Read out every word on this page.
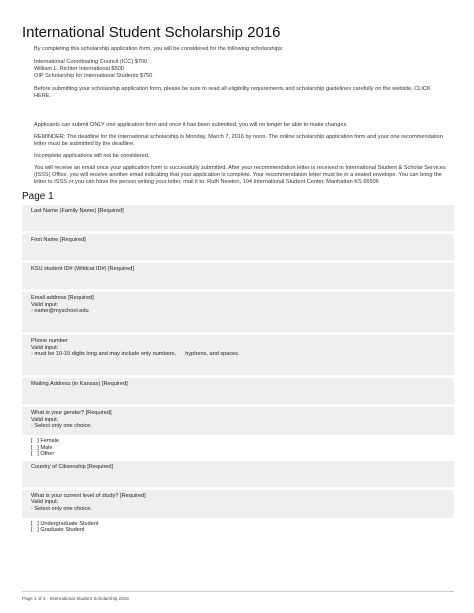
International Student Scholarship 2016

By completing this scholarship application form, you will be considered for the following scholarships:

International Coordinating Council (ICC) $700

William L. Richter International $500

OIP Scholarship for International Students $750

Before submitting your scholarship application form, please be sure to read all eligibility requirements and scholarship guidelines carefully on the website, CLICK HERE.

Applicants can submit ONLY one application form and once it has been submitted, you will no longer be able to make changes.

REMINDER: The deadline for the international scholarship is Monday, March 7, 2016 by noon. The online scholarship application form and your one recommendation letter must be submitted by the deadline.

Incomplete applications will not be considered.

You will receive an email once your application form is successfully submitted. After your recommendation letter is received in International Student & Scholar Services (ISSS) Office, you will receive another email indicating that your application is complete. Your recommendation letter must be in a sealed envelope. You can bring the letter to ISSS or you can have the person writing your letter, mail it to: Ruth Newton, 104 International Student Center, Manhattan KS 66506

Page 1
Last Name (Family Name) [Required]
First Name [Required]
KSU student ID# (Wildcat ID#) [Required]
Email address [Required]
Valid input:
- name@myschool.edu
Phone number
Valid input:
- must be 10-15 digits long and may include only numbers,      hyphens, and spaces.
Mailing Address (in Kansas) [Required]
What is your gender? [Required]
Valid input:
- Select only one choice.
[   ] Female
[   ] Male
[   ] Other
Country of Citizenship [Required]
What is your current level of study? [Required]
Valid input:
- Select only one choice.
[   ] Undergraduate Student
[   ] Graduate Student
Page 1 of 3 · International Student Scholarship 2016
